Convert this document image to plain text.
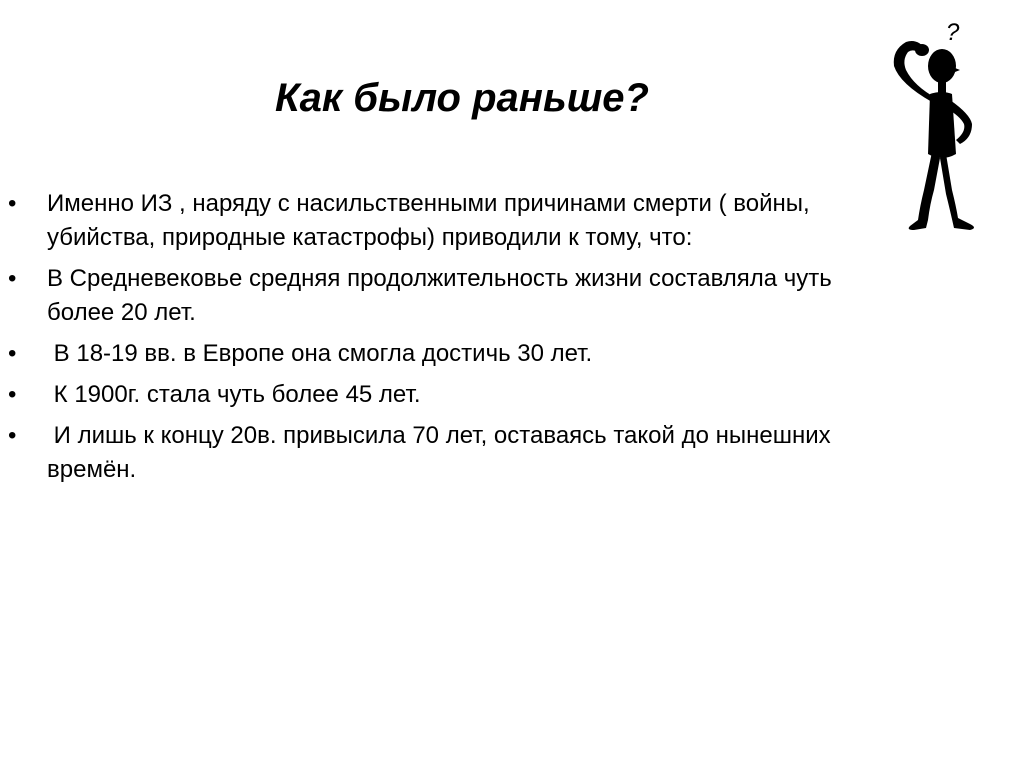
Как было раньше?
• Именно ИЗ , наряду с насильственными причинами смерти ( войны, убийства, природные катастрофы) приводили к тому, что:
• В Средневековье средняя продолжительность жизни составляла чуть более 20 лет.
• В 18-19 вв. в Европе она смогла достичь 30 лет.
• К 1900г. стала чуть более 45 лет.
• И лишь к концу 20в. привысила 70 лет, оставаясь такой до нынешних времён.
?
